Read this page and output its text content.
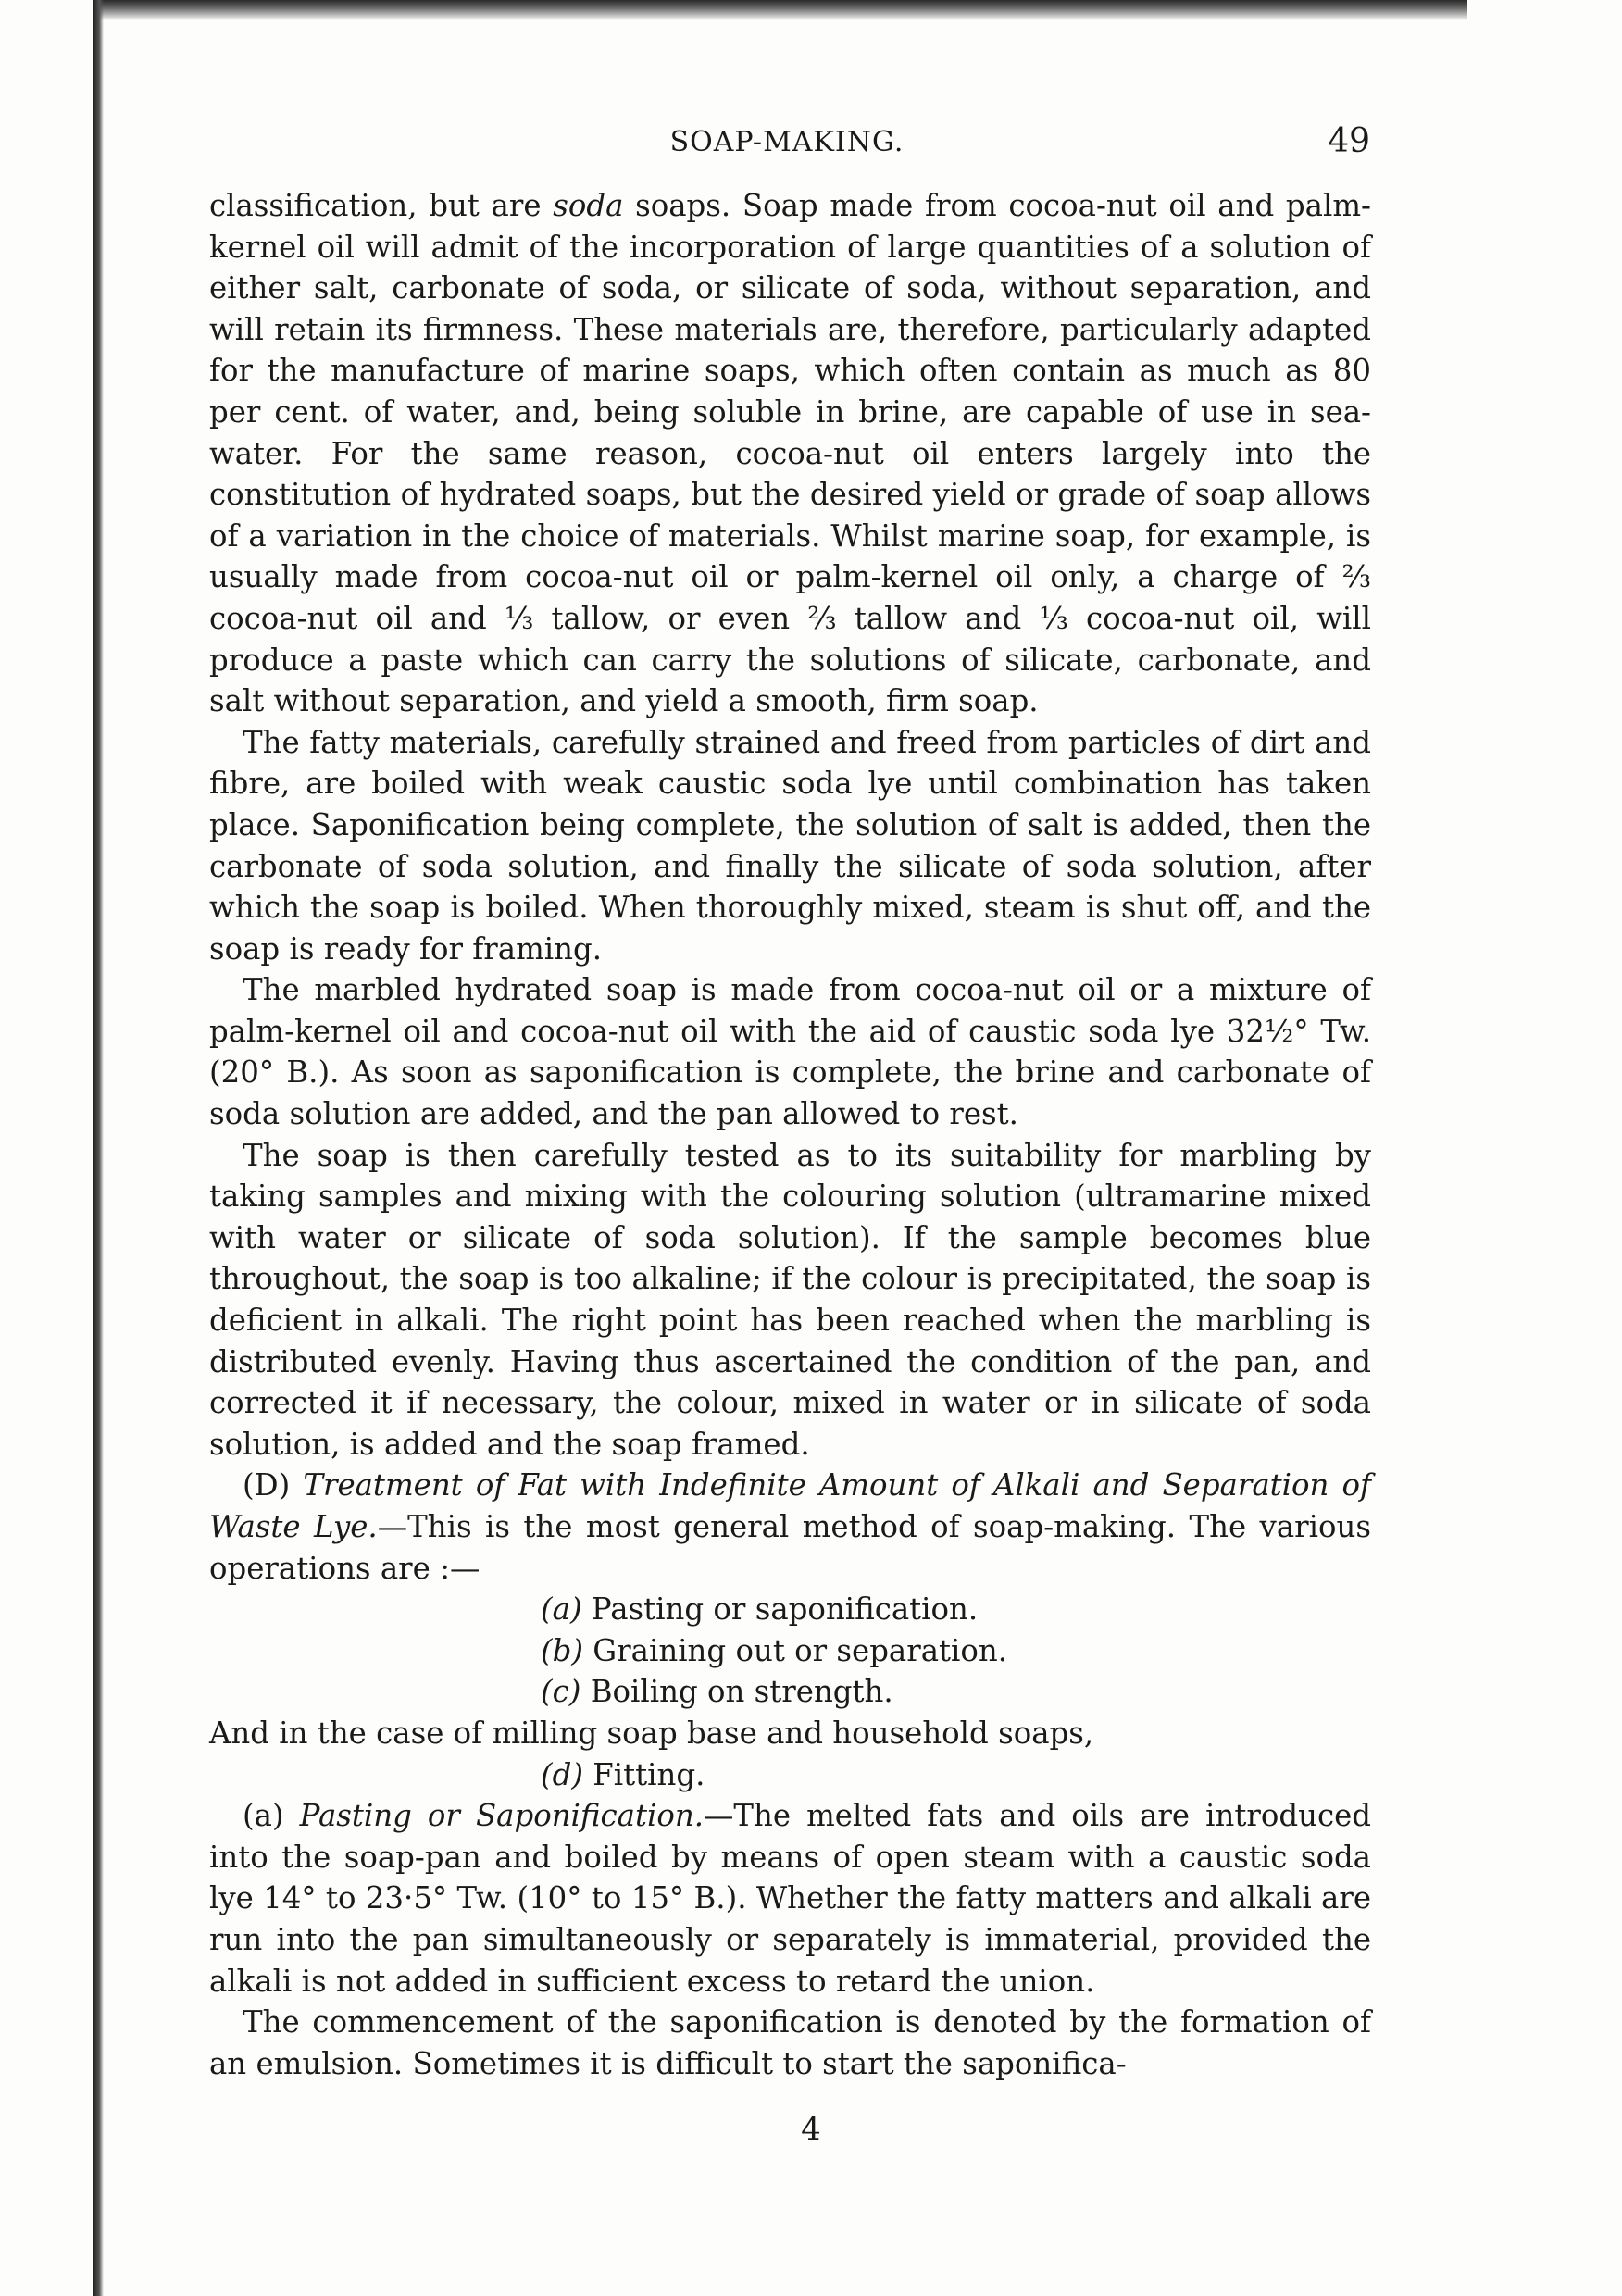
SOAP-MAKING.	49

classification, but are soda soaps. Soap made from cocoa-nut oil and palm-kernel oil will admit of the incorporation of large quantities of a solution of either salt, carbonate of soda, or silicate of soda, without separation, and will retain its firmness. These materials are, therefore, particularly adapted for the manufacture of marine soaps, which often contain as much as 80 per cent. of water, and, being soluble in brine, are capable of use in sea-water. For the same reason, cocoa-nut oil enters largely into the constitution of hydrated soaps, but the desired yield or grade of soap allows of a variation in the choice of materials. Whilst marine soap, for example, is usually made from cocoa-nut oil or palm-kernel oil only, a charge of ⅔ cocoa-nut oil and ⅓ tallow, or even ⅔ tallow and ⅓ cocoa-nut oil, will produce a paste which can carry the solutions of silicate, carbonate, and salt without separation, and yield a smooth, firm soap.

The fatty materials, carefully strained and freed from particles of dirt and fibre, are boiled with weak caustic soda lye until combination has taken place. Saponification being complete, the solution of salt is added, then the carbonate of soda solution, and finally the silicate of soda solution, after which the soap is boiled. When thoroughly mixed, steam is shut off, and the soap is ready for framing.

The marbled hydrated soap is made from cocoa-nut oil or a mixture of palm-kernel oil and cocoa-nut oil with the aid of caustic soda lye 32½° Tw. (20° B.). As soon as saponification is complete, the brine and carbonate of soda solution are added, and the pan allowed to rest.

The soap is then carefully tested as to its suitability for marbling by taking samples and mixing with the colouring solution (ultramarine mixed with water or silicate of soda solution). If the sample becomes blue throughout, the soap is too alkaline; if the colour is precipitated, the soap is deficient in alkali. The right point has been reached when the marbling is distributed evenly. Having thus ascertained the condition of the pan, and corrected it if necessary, the colour, mixed in water or in silicate of soda solution, is added and the soap framed.

(D) Treatment of Fat with Indefinite Amount of Alkali and Separation of Waste Lye.—This is the most general method of soap-making. The various operations are :—

(a) Pasting or saponification.
(b) Graining out or separation.
(c) Boiling on strength.

And in the case of milling soap base and household soaps,

(d) Fitting.

(a) Pasting or Saponification.—The melted fats and oils are introduced into the soap-pan and boiled by means of open steam with a caustic soda lye 14° to 23·5° Tw. (10° to 15° B.). Whether the fatty matters and alkali are run into the pan simultaneously or separately is immaterial, provided the alkali is not added in sufficient excess to retard the union.

The commencement of the saponification is denoted by the formation of an emulsion. Sometimes it is difficult to start the saponifica-

4
